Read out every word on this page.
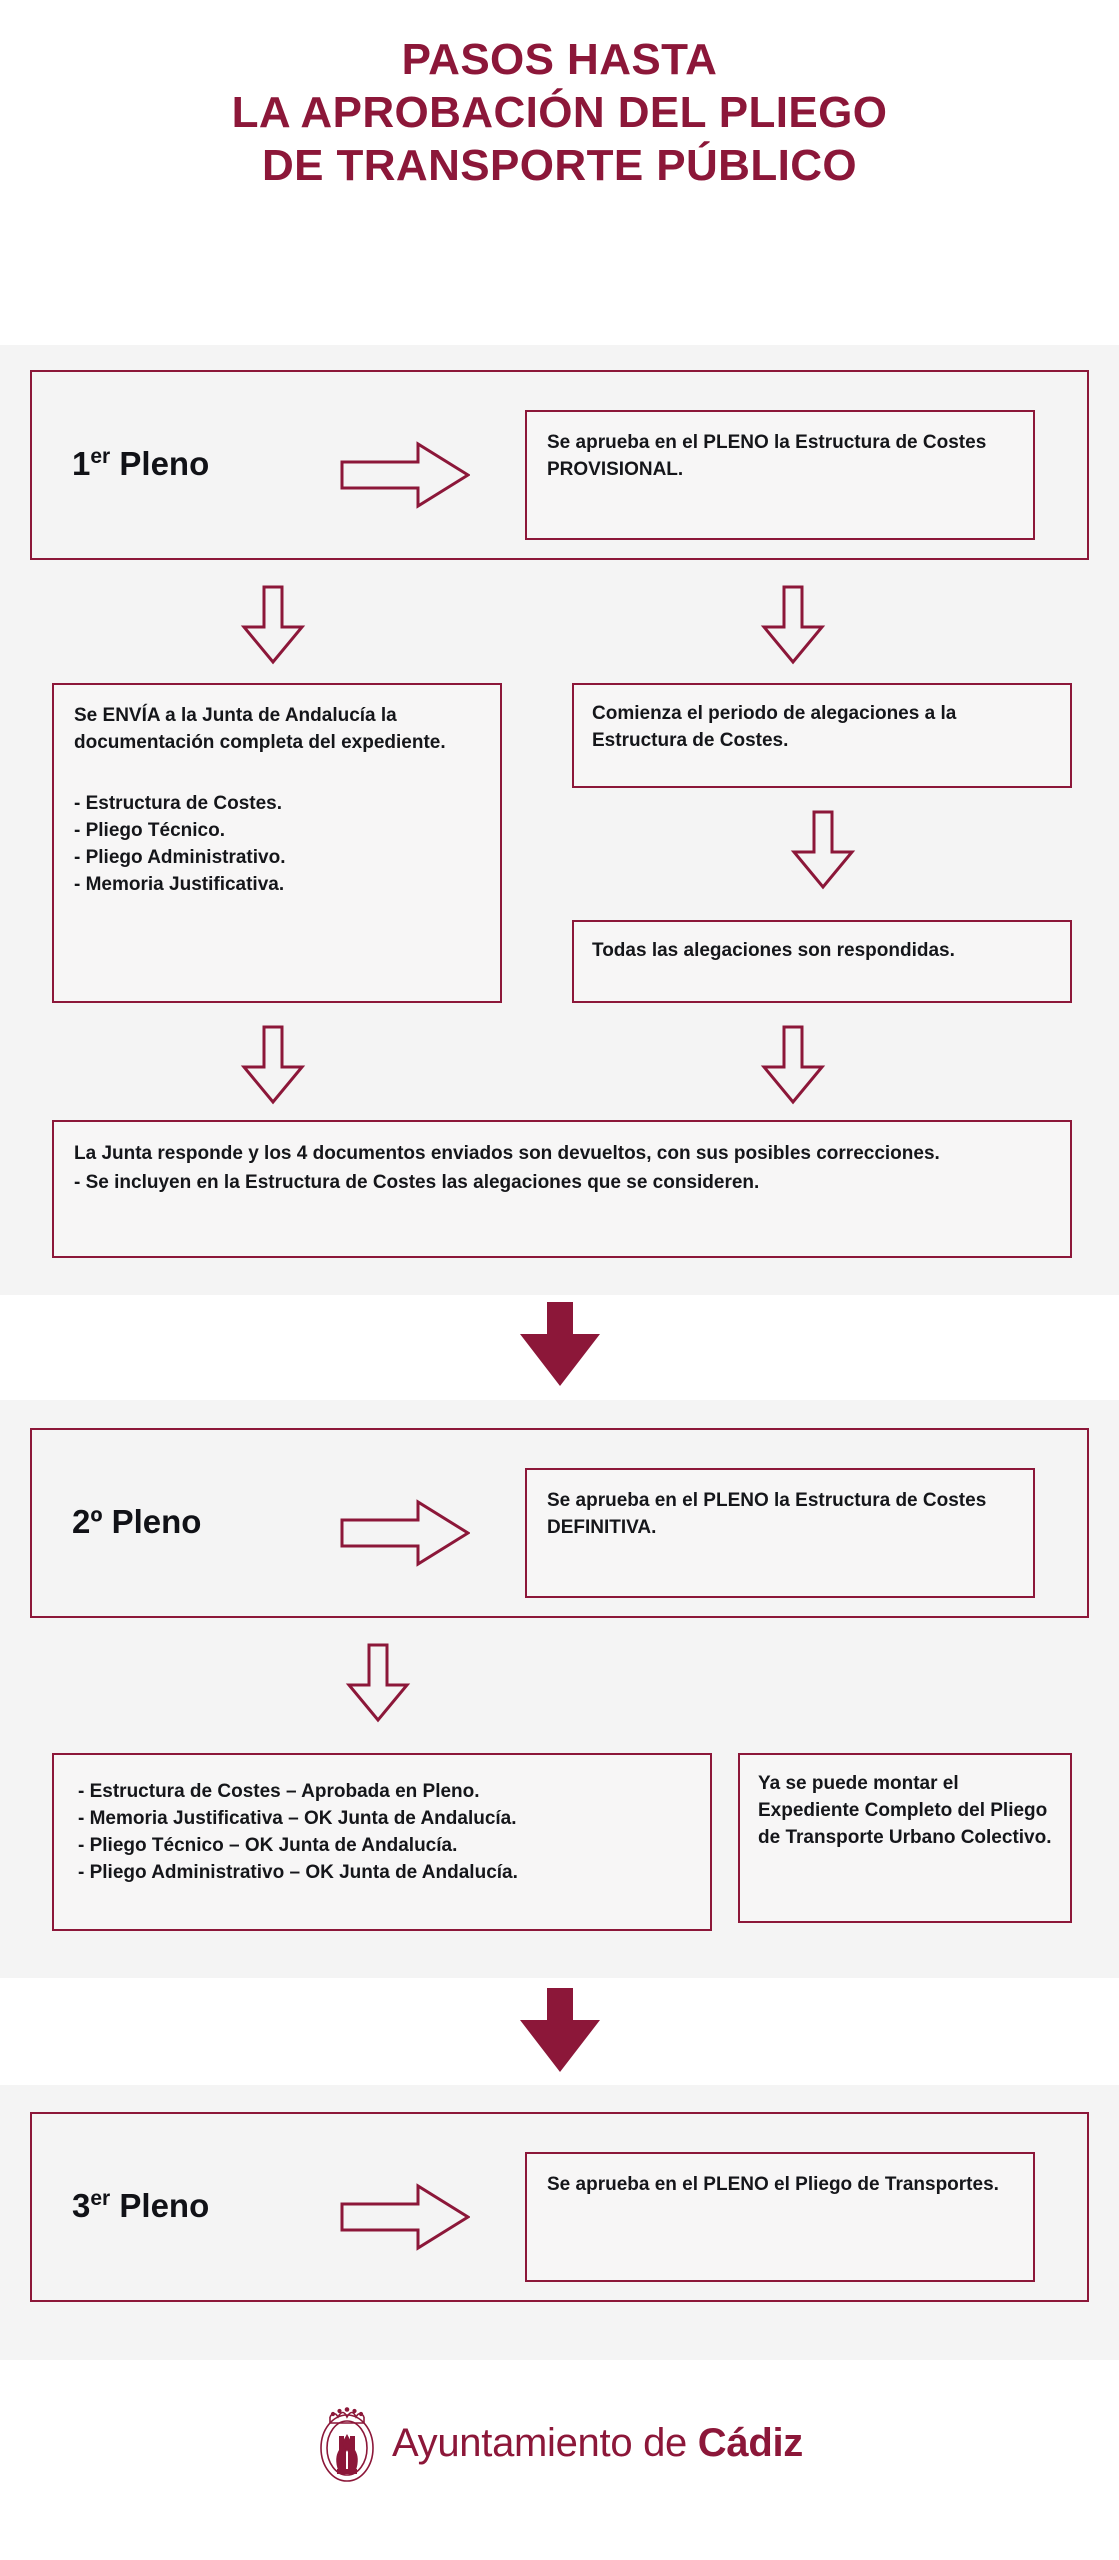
PASOS HASTA
LA APROBACIÓN DEL PLIEGO
DE TRANSPORTE PÚBLICO
1er Pleno
Se aprueba en el PLENO la Estructura de Costes PROVISIONAL.
Se ENVÍA a la Junta de Andalucía la documentación completa del expediente.
- Estructura de Costes.
- Pliego Técnico.
- Pliego Administrativo.
- Memoria Justificativa.
Comienza el periodo de alegaciones a la Estructura de Costes.
Todas las alegaciones son respondidas.
La Junta responde y los 4 documentos enviados son devueltos, con sus posibles correcciones.
- Se incluyen en la Estructura de Costes las alegaciones que se consideren.
2º Pleno
Se aprueba en el PLENO la Estructura de Costes DEFINITIVA.
- Estructura de Costes – Aprobada en Pleno.
- Memoria Justificativa – OK Junta de Andalucía.
- Pliego Técnico – OK Junta de Andalucía.
- Pliego Administrativo – OK Junta de Andalucía.
Ya se puede montar el Expediente Completo del Pliego de Transporte Urbano Colectivo.
3er Pleno
Se aprueba en el PLENO el Pliego de Transportes.
Ayuntamiento de Cádiz
